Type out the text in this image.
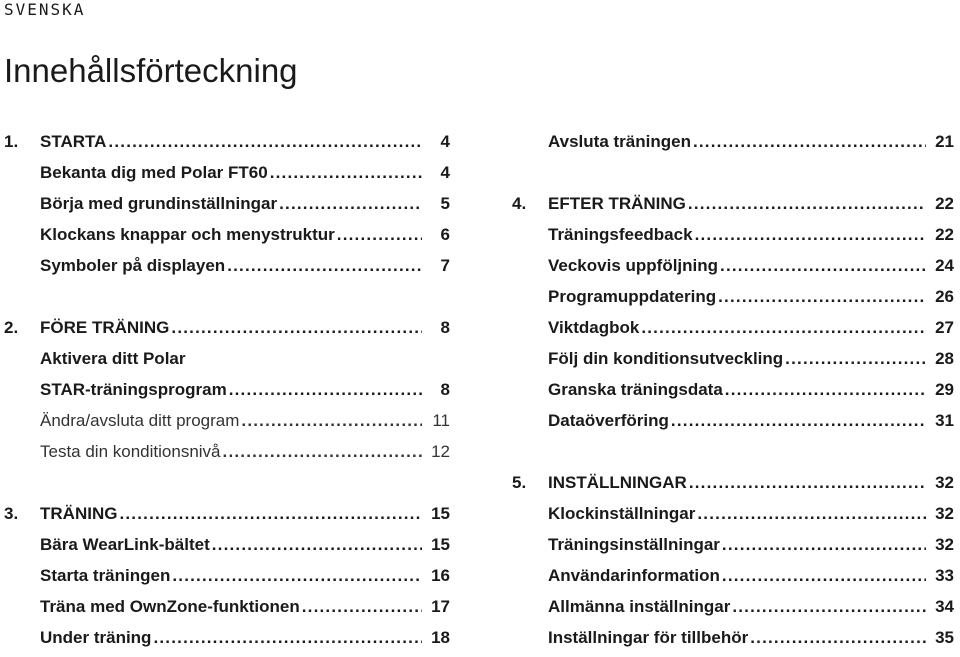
SVENSKA
Innehållsförteckning
1.	STARTA .....	4
Bekanta dig med Polar FT60 .....	4
Börja med grundinställningar .....	5
Klockans knappar och menystruktur .....	6
Symboler på displayen .....	7
2.	FÖRE TRÄNING .....	8
Aktivera ditt Polar
STAR-träningsprogram .....	8
Ändra/avsluta ditt program .....	11
Testa din konditionsnivå .....	12
3.	TRÄNING .....	15
Bära WearLink-bältet .....	15
Starta träningen .....	16
Träna med OwnZone-funktionen .....	17
Under träning .....	18
Avsluta träningen .....	21
4.	EFTER TRÄNING .....	22
Träningsfeedback .....	22
Veckovis uppföljning .....	24
Programuppdatering .....	26
Viktdagbok .....	27
Följ din konditionsutveckling .....	28
Granska träningsdata .....	29
Dataöverföring .....	31
5.	INSTÄLLNINGAR .....	32
Klockinställningar .....	32
Träningsinställningar .....	32
Användarinformation .....	33
Allmänna inställningar .....	34
Inställningar för tillbehör .....	35
